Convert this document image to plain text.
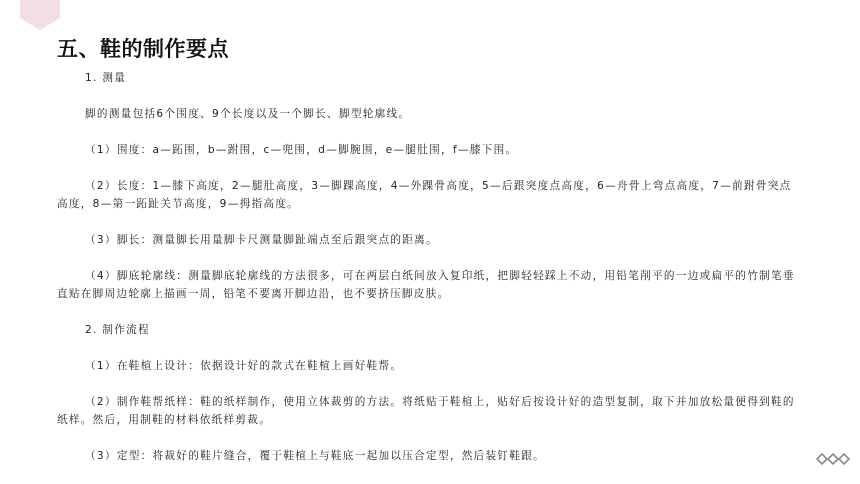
五、鞋的制作要点

1. 测量

脚的测量包括6个围度、9个长度以及一个脚长、脚型轮廓线。

（1）围度：a—跖围，b—跗围，c—兜围，d—脚腕围，e—腿肚围，f—膝下围。

（2）长度：1—膝下高度，2—腿肚高度，3—脚踝高度，4—外踝骨高度，5—后跟突度点高度，6—舟骨上弯点高度，7—前跗骨突点高度，8—第一跖趾关节高度，9—拇指高度。

（3）脚长：测量脚长用量脚卡尺测量脚趾端点至后跟突点的距离。

（4）脚底轮廓线：测量脚底轮廓线的方法很多，可在两层白纸间放入复印纸，把脚轻轻踩上不动，用铅笔削平的一边或扁平的竹制笔垂直贴在脚周边轮廓上描画一周，铅笔不要离开脚边沿，也不要挤压脚皮肤。

2. 制作流程

（1）在鞋楦上设计：依据设计好的款式在鞋楦上画好鞋帮。

（2）制作鞋帮纸样：鞋的纸样制作，使用立体裁剪的方法。将纸贴于鞋楦上，贴好后按设计好的造型复制，取下并加放松量便得到鞋的纸样。然后，用制鞋的材料依纸样剪裁。

（3）定型：将裁好的鞋片缝合，覆于鞋楦上与鞋底一起加以压合定型，然后装钉鞋跟。
